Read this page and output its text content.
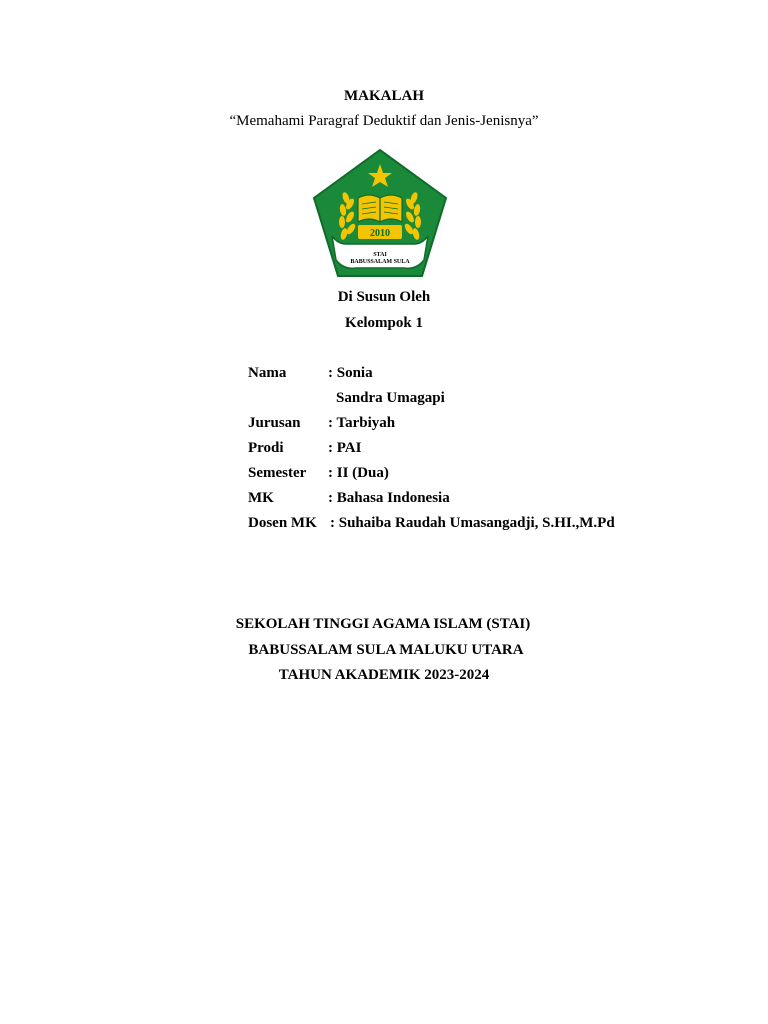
MAKALAH
“Memahami Paragraf Deduktif dan Jenis-Jenisnya”
2010
STAI
BABUSSALAM SULA
Di Susun Oleh
Kelompok 1
Nama	: Sonia
Sandra Umagapi
Jurusan : Tarbiyah
Prodi	: PAI
Semester : II (Dua)
MK	: Bahasa Indonesia
Dosen MK : Suhaiba Raudah Umasangadji, S.HI.,M.Pd
SEKOLAH TINGGI AGAMA ISLAM (STAI)
BABUSSALAM SULA MALUKU UTARA
TAHUN AKADEMIK 2023-2024
